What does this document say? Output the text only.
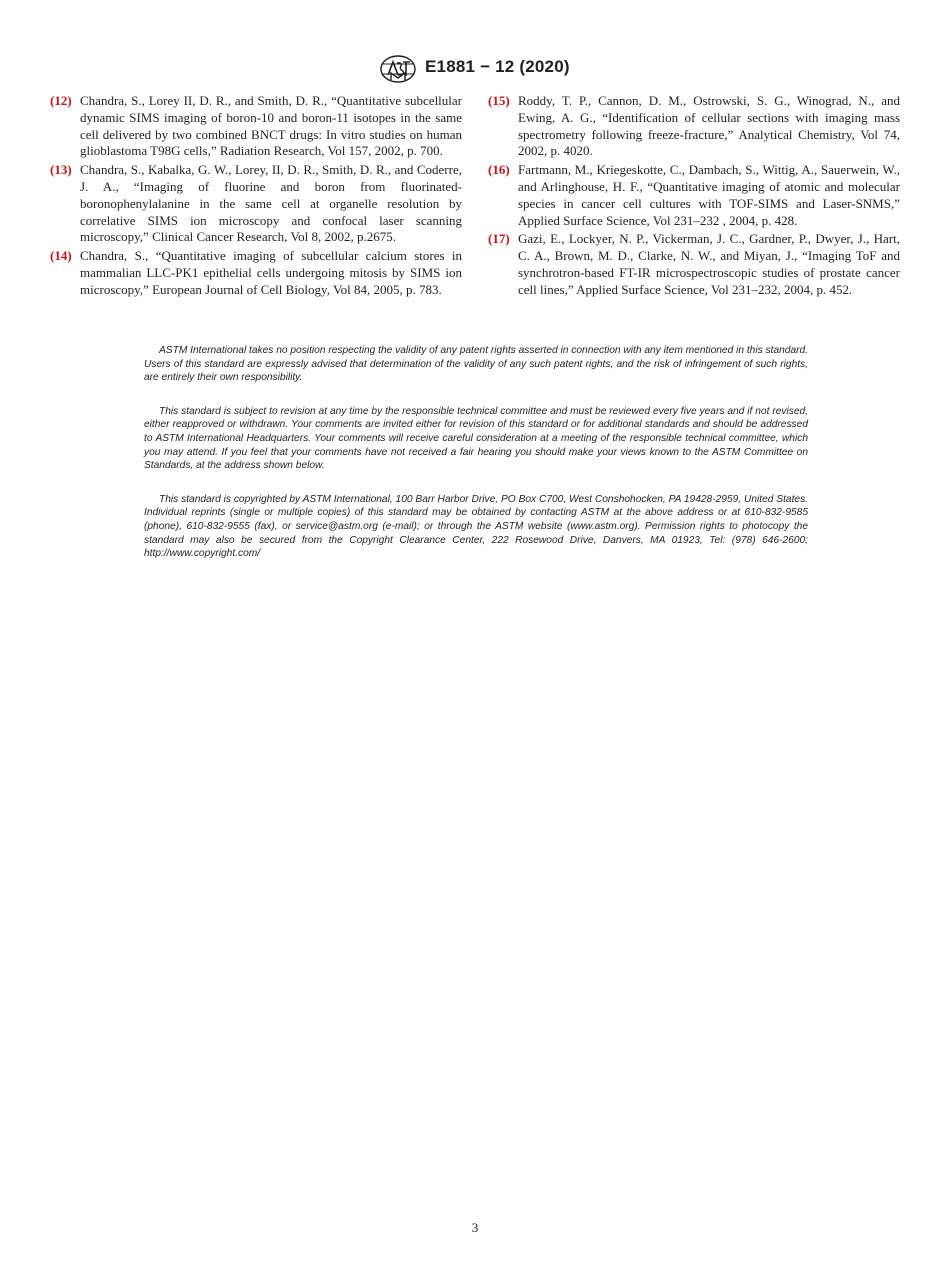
E1881 − 12 (2020)
(12) Chandra, S., Lorey II, D. R., and Smith, D. R., “Quantitative subcellular dynamic SIMS imaging of boron-10 and boron-11 isotopes in the same cell delivered by two combined BNCT drugs: In vitro studies on human glioblastoma T98G cells,” Radiation Research, Vol 157, 2002, p. 700.
(13) Chandra, S., Kabalka, G. W., Lorey, II, D. R., Smith, D. R., and Coderre, J. A., “Imaging of fluorine and boron from fluorinated-boronophenylalanine in the same cell at organelle resolution by correlative SIMS ion microscopy and confocal laser scanning microscopy,” Clinical Cancer Research, Vol 8, 2002, p.2675.
(14) Chandra, S., “Quantitative imaging of subcellular calcium stores in mammalian LLC-PK1 epithelial cells undergoing mitosis by SIMS ion microscopy,” European Journal of Cell Biology, Vol 84, 2005, p. 783.
(15) Roddy, T. P., Cannon, D. M., Ostrowski, S. G., Winograd, N., and Ewing, A. G., “Identification of cellular sections with imaging mass spectrometry following freeze-fracture,” Analytical Chemistry, Vol 74, 2002, p. 4020.
(16) Fartmann, M., Kriegeskotte, C., Dambach, S., Wittig, A., Sauerwein, W., and Arlinghouse, H. F., “Quantitative imaging of atomic and molecular species in cancer cell cultures with TOF-SIMS and Laser-SNMS,” Applied Surface Science, Vol 231–232 , 2004, p. 428.
(17) Gazi, E., Lockyer, N. P., Vickerman, J. C., Gardner, P., Dwyer, J., Hart, C. A., Brown, M. D., Clarke, N. W., and Miyan, J., “Imaging ToF and synchrotron-based FT-IR microspectroscopic studies of prostate cancer cell lines,” Applied Surface Science, Vol 231–232, 2004, p. 452.

ASTM International takes no position respecting the validity of any patent rights asserted in connection with any item mentioned in this standard. Users of this standard are expressly advised that determination of the validity of any such patent rights, and the risk of infringement of such rights, are entirely their own responsibility.

This standard is subject to revision at any time by the responsible technical committee and must be reviewed every five years and if not revised, either reapproved or withdrawn. Your comments are invited either for revision of this standard or for additional standards and should be addressed to ASTM International Headquarters. Your comments will receive careful consideration at a meeting of the responsible technical committee, which you may attend. If you feel that your comments have not received a fair hearing you should make your views known to the ASTM Committee on Standards, at the address shown below.

This standard is copyrighted by ASTM International, 100 Barr Harbor Drive, PO Box C700, West Conshohocken, PA 19428-2959, United States. Individual reprints (single or multiple copies) of this standard may be obtained by contacting ASTM at the above address or at 610-832-9585 (phone), 610-832-9555 (fax), or service@astm.org (e-mail); or through the ASTM website (www.astm.org). Permission rights to photocopy the standard may also be secured from the Copyright Clearance Center, 222 Rosewood Drive, Danvers, MA 01923, Tel: (978) 646-2600; http://www.copyright.com/

3
